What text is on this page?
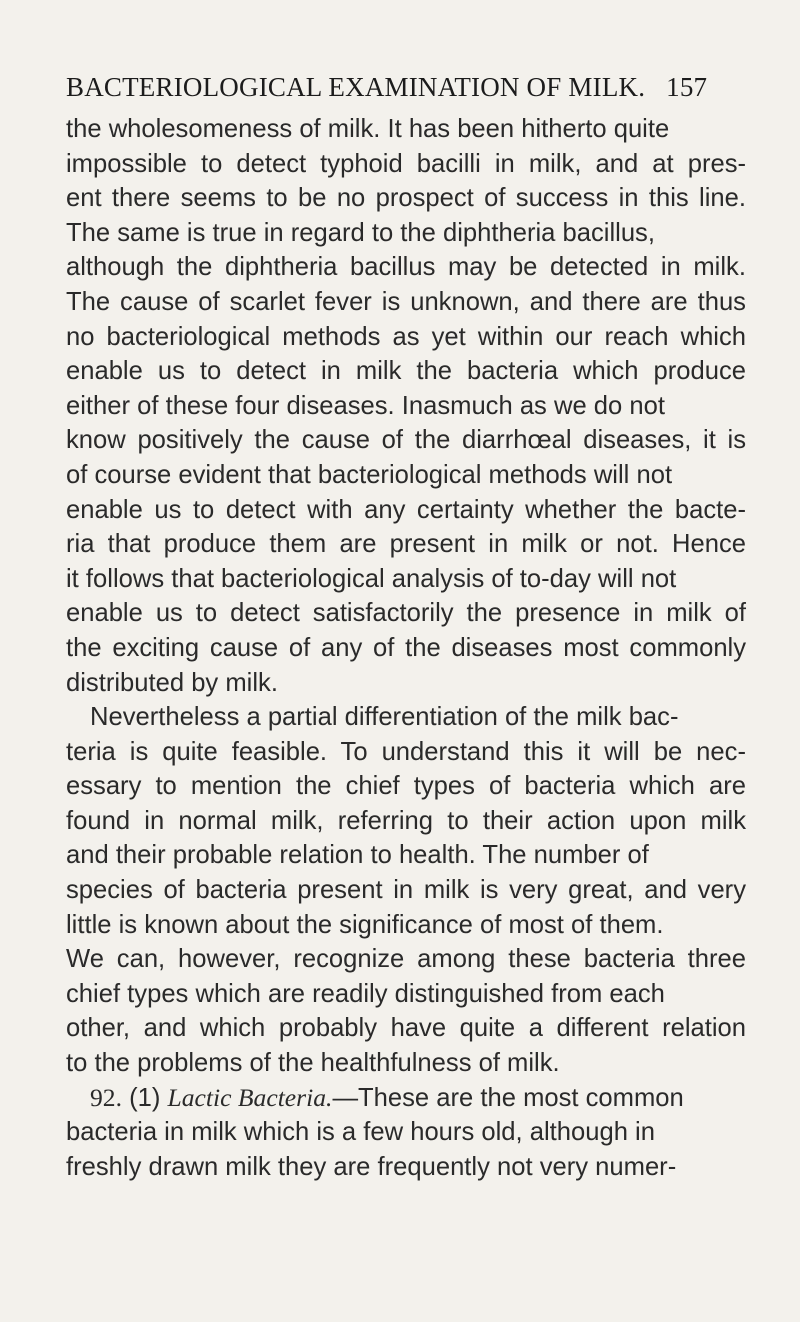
BACTERIOLOGICAL EXAMINATION OF MILK. 157
the wholesomeness of milk. It has been hitherto quite
impossible to detect typhoid bacilli in milk, and at pres-
ent there seems to be no prospect of success in this line.
The same is true in regard to the diphtheria bacillus,
although the diphtheria bacillus may be detected in milk.
The cause of scarlet fever is unknown, and there are thus
no bacteriological methods as yet within our reach which
enable us to detect in milk the bacteria which produce
either of these four diseases. Inasmuch as we do not
know positively the cause of the diarrhœal diseases, it is
of course evident that bacteriological methods will not
enable us to detect with any certainty whether the bacte-
ria that produce them are present in milk or not. Hence
it follows that bacteriological analysis of to-day will not
enable us to detect satisfactorily the presence in milk of
the exciting cause of any of the diseases most commonly
distributed by milk.
Nevertheless a partial differentiation of the milk bac-
teria is quite feasible. To understand this it will be nec-
essary to mention the chief types of bacteria which are
found in normal milk, referring to their action upon milk
and their probable relation to health. The number of
species of bacteria present in milk is very great, and very
little is known about the significance of most of them.
We can, however, recognize among these bacteria three
chief types which are readily distinguished from each
other, and which probably have quite a different relation
to the problems of the healthfulness of milk.
92. (1) Lactic Bacteria.—These are the most common
bacteria in milk which is a few hours old, although in
freshly drawn milk they are frequently not very numer-
